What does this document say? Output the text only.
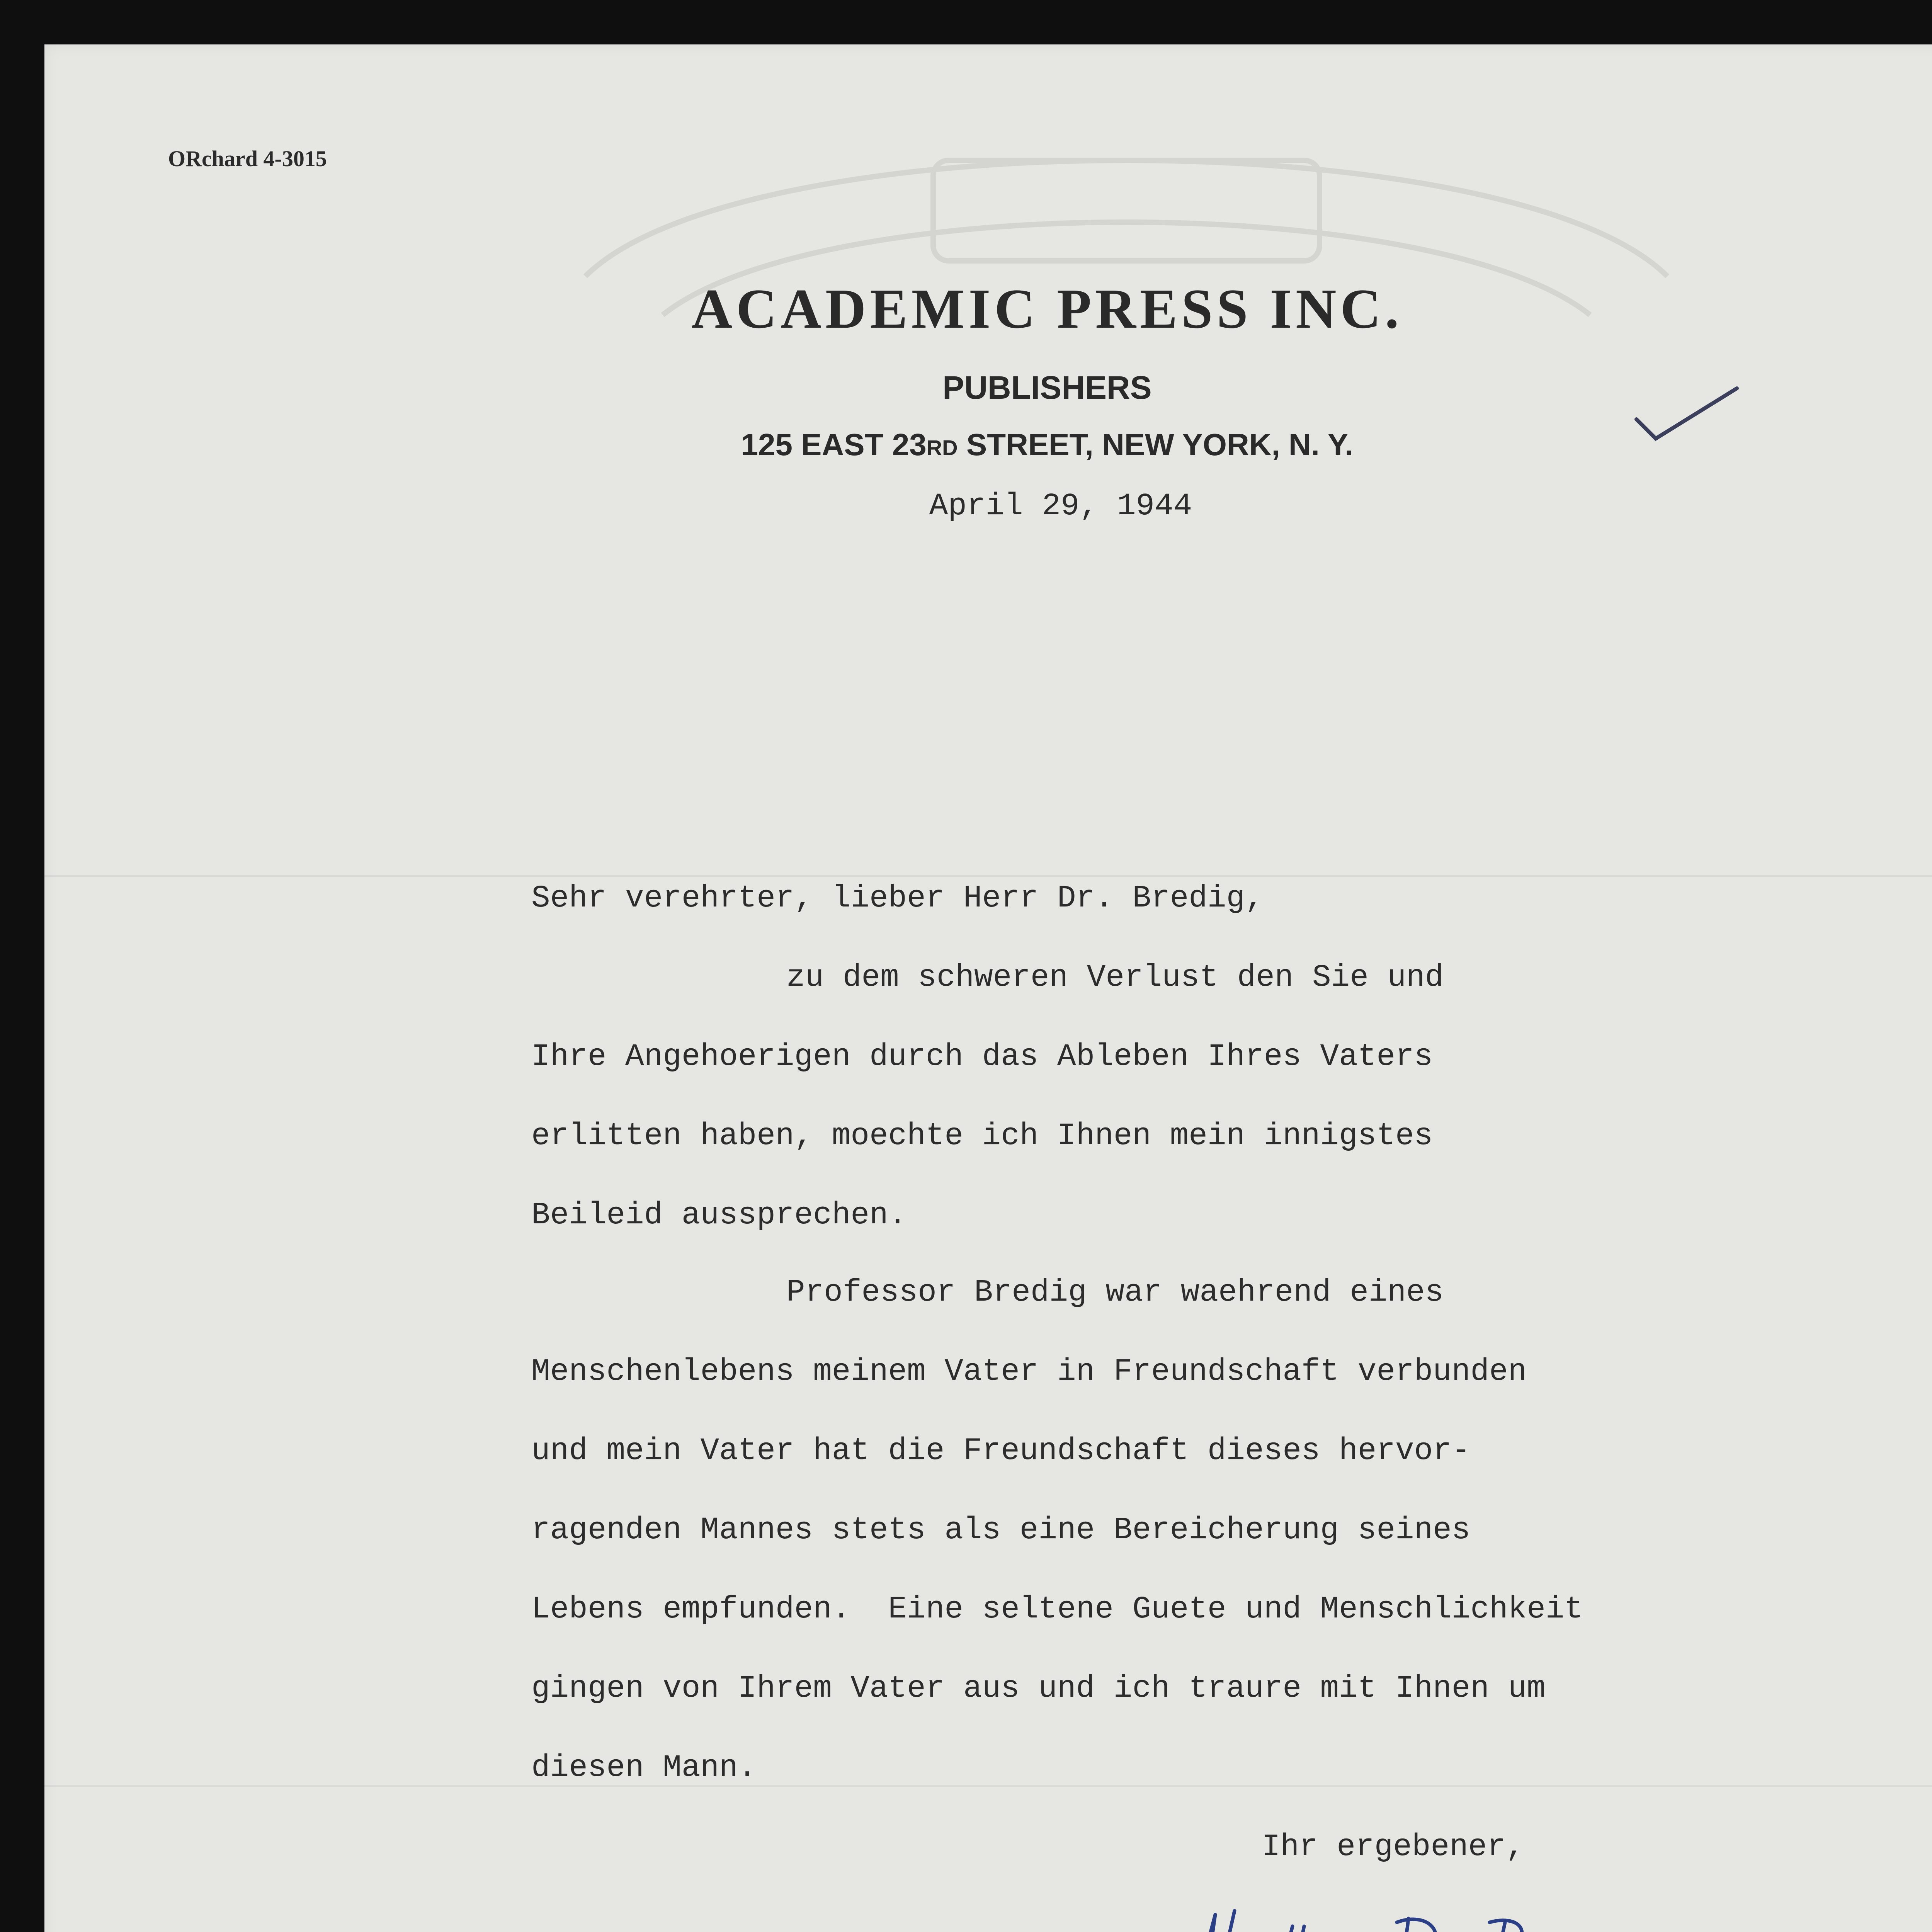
ORchard 4-3015

ACADEMIC PRESS INC.

PUBLISHERS

125 EAST 23RD STREET, NEW YORK, N. Y.

April 29, 1944

Sehr verehrter, lieber Herr Dr. Bredig,

zu dem schweren Verlust den Sie und

Ihre Angehoerigen durch das Ableben Ihres Vaters

erlitten haben, moechte ich Ihnen mein innigstes

Beileid aussprechen.

Professor Bredig war waehrend eines

Menschenlebens meinem Vater in Freundschaft verbunden

und mein Vater hat die Freundschaft dieses hervor-

ragenden Mannes stets als eine Bereicherung seines

Lebens empfunden.  Eine seltene Guete und Menschlichkeit

gingen von Ihrem Vater aus und ich traure mit Ihnen um

diesen Mann.

Ihr ergebener,
